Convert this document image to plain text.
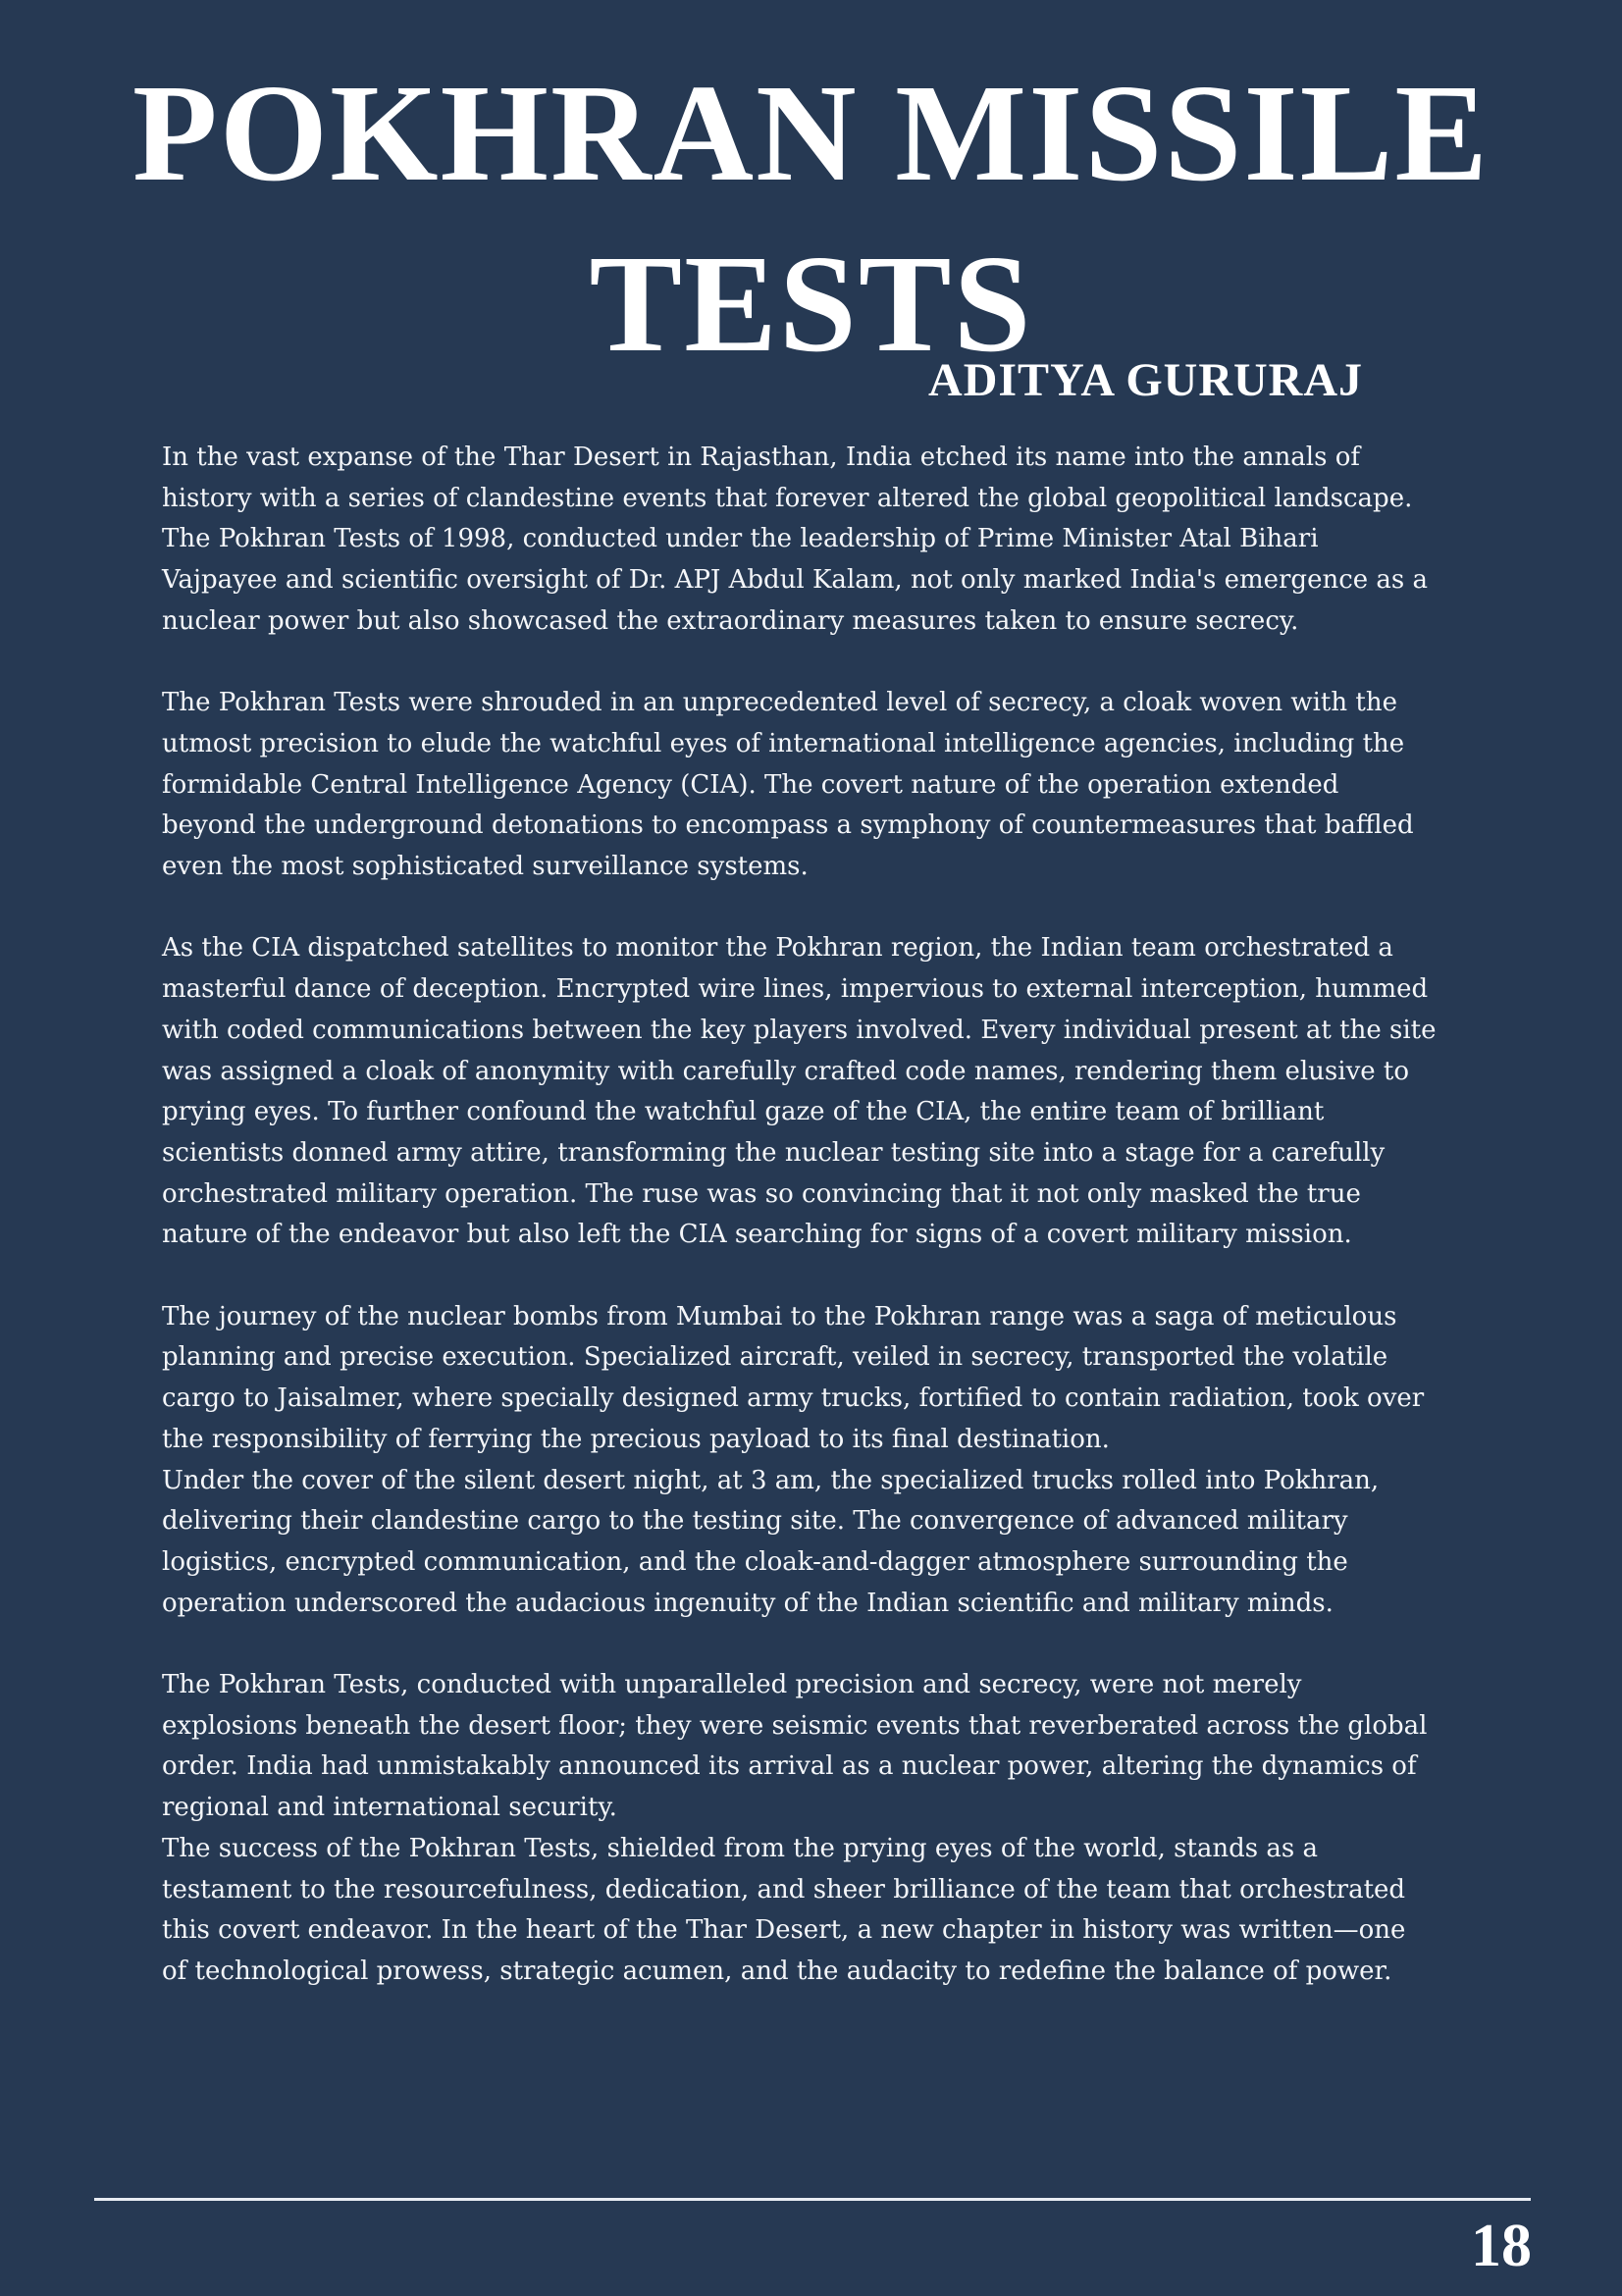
POKHRAN MISSILE
TESTS
ADITYA GURURAJ

In the vast expanse of the Thar Desert in Rajasthan, India etched its name into the annals of history with a series of clandestine events that forever altered the global geopolitical landscape. The Pokhran Tests of 1998, conducted under the leadership of Prime Minister Atal Bihari Vajpayee and scientific oversight of Dr. APJ Abdul Kalam, not only marked India's emergence as a nuclear power but also showcased the extraordinary measures taken to ensure secrecy.

The Pokhran Tests were shrouded in an unprecedented level of secrecy, a cloak woven with the utmost precision to elude the watchful eyes of international intelligence agencies, including the formidable Central Intelligence Agency (CIA). The covert nature of the operation extended beyond the underground detonations to encompass a symphony of countermeasures that baffled even the most sophisticated surveillance systems.

As the CIA dispatched satellites to monitor the Pokhran region, the Indian team orchestrated a masterful dance of deception. Encrypted wire lines, impervious to external interception, hummed with coded communications between the key players involved. Every individual present at the site was assigned a cloak of anonymity with carefully crafted code names, rendering them elusive to prying eyes. To further confound the watchful gaze of the CIA, the entire team of brilliant scientists donned army attire, transforming the nuclear testing site into a stage for a carefully orchestrated military operation. The ruse was so convincing that it not only masked the true nature of the endeavor but also left the CIA searching for signs of a covert military mission.

The journey of the nuclear bombs from Mumbai to the Pokhran range was a saga of meticulous planning and precise execution. Specialized aircraft, veiled in secrecy, transported the volatile cargo to Jaisalmer, where specially designed army trucks, fortified to contain radiation, took over the responsibility of ferrying the precious payload to its final destination.

Under the cover of the silent desert night, at 3 am, the specialized trucks rolled into Pokhran, delivering their clandestine cargo to the testing site. The convergence of advanced military logistics, encrypted communication, and the cloak-and-dagger atmosphere surrounding the operation underscored the audacious ingenuity of the Indian scientific and military minds.

The Pokhran Tests, conducted with unparalleled precision and secrecy, were not merely explosions beneath the desert floor; they were seismic events that reverberated across the global order. India had unmistakably announced its arrival as a nuclear power, altering the dynamics of regional and international security.

The success of the Pokhran Tests, shielded from the prying eyes of the world, stands as a testament to the resourcefulness, dedication, and sheer brilliance of the team that orchestrated this covert endeavor. In the heart of the Thar Desert, a new chapter in history was written—one of technological prowess, strategic acumen, and the audacity to redefine the balance of power.

18
